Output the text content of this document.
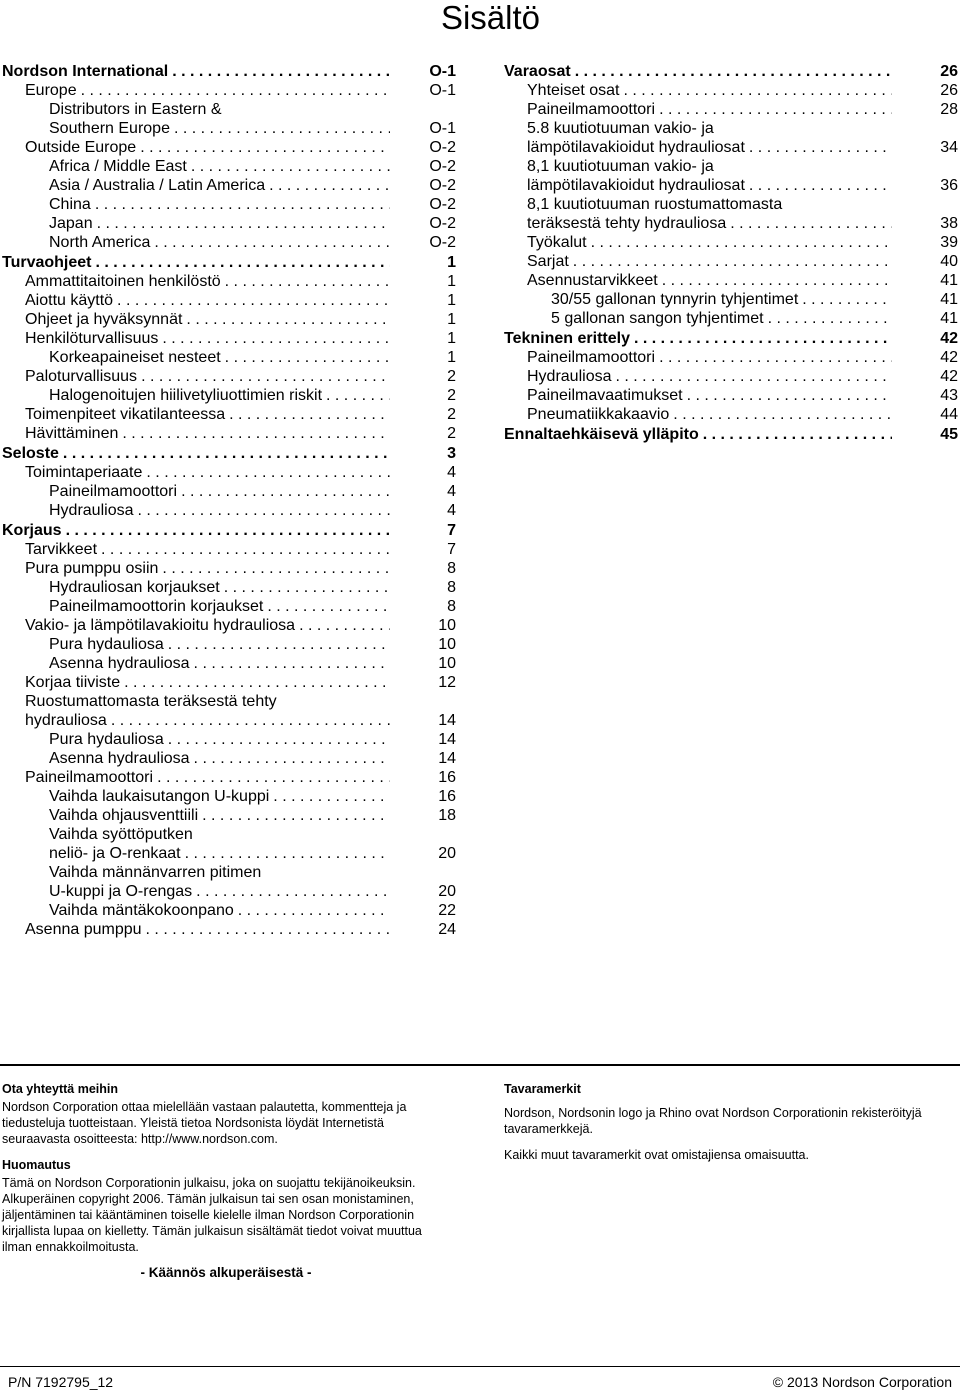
Sisältö
Nordson International . . .	O-1
Europe . . .	O-1
Distributors in Eastern &
Southern Europe . . .	O-1
Outside Europe . . .	O-2
Africa / Middle East . . .	O-2
Asia / Australia / Latin America . . .	O-2
China . . .	O-2
Japan . . .	O-2
North America . . .	O-2
Turvaohjeet . . .	1
Ammattitaitoinen henkilöstö . . .	1
Aiottu käyttö . . .	1
Ohjeet ja hyväksynnät . . .	1
Henkilöturvallisuus . . .	1
Korkeapaineiset nesteet . . .	1
Paloturvallisuus . . .	2
Halogenoitujen hiilivetyliuottimien riskit . . .	2
Toimenpiteet vikatilanteessa . . .	2
Hävittäminen . . .	2
Seloste . . .	3
Toimintaperiaate . . .	4
Paineilmamoottori . . .	4
Hydrauliosa . . .	4
Korjaus . . .	7
Tarvikkeet . . .	7
Pura pumppu osiin . . .	8
Hydrauliosan korjaukset . . .	8
Paineilmamoottorin korjaukset . . .	8
Vakio- ja lämpötilavakioitu hydrauliosa . . .	10
Pura hydauliosa . . .	10
Asenna hydrauliosa . . .	10
Korjaa tiiviste . . .	12
Ruostumattomasta teräksestä tehty
hydrauliosa . . .	14
Pura hydauliosa . . .	14
Asenna hydrauliosa . . .	14
Paineilmamoottori . . .	16
Vaihda laukaisutangon U-kuppi . . .	16
Vaihda ohjausventtiili . . .	18
Vaihda syöttöputken
neliö- ja O-renkaat . . .	20
Vaihda männänvarren pitimen
U-kuppi ja O-rengas . . .	20
Vaihda mäntäkokoonpano . . .	22
Asenna pumppu . . .	24
Varaosat . . .	26
Yhteiset osat . . .	26
Paineilmamoottori . . .	28
5.8 kuutiotuuman vakio- ja
lämpötilavakioidut hydrauliosat . . .	34
8,1 kuutiotuuman vakio- ja
lämpötilavakioidut hydrauliosat . . .	36
8,1 kuutiotuuman ruostumattomasta
teräksestä tehty hydrauliosa . . .	38
Työkalut . . .	39
Sarjat . . .	40
Asennustarvikkeet . . .	41
30/55 gallonan tynnyrin tyhjentimet . . .	41
5 gallonan sangon tyhjentimet . . .	41
Tekninen erittely . . .	42
Paineilmamoottori . . .	42
Hydrauliosa . . .	42
Paineilmavaatimukset . . .	43
Pneumatiikkakaavio . . .	44
Ennaltaehkäisevä ylläpito . . .	45
Ota yhteyttä meihin

Nordson Corporation ottaa mielellään vastaan palautetta, kommentteja ja tiedusteluja tuotteistaan. Yleistä tietoa Nordsonista löydät Internetistä seuraavasta osoitteesta: http://www.nordson.com.

Huomautus

Tämä on Nordson Corporationin julkaisu, joka on suojattu tekijänoikeuksin. Alkuperäinen copyright 2006. Tämän julkaisun tai sen osan monistaminen, jäljentäminen tai kääntäminen toiselle kielelle ilman Nordson Corporationin kirjallista lupaa on kielletty. Tämän julkaisun sisältämät tiedot voivat muuttua ilman ennakkoilmoitusta.

- Käännös alkuperäisestä -
Tavaramerkit

Nordson, Nordsonin logo ja Rhino ovat Nordson Corporationin rekisteröityjä tavaramerkkejä.

Kaikki muut tavaramerkit ovat omistajiensa omaisuutta.

P/N 7192795_12	© 2013 Nordson Corporation
